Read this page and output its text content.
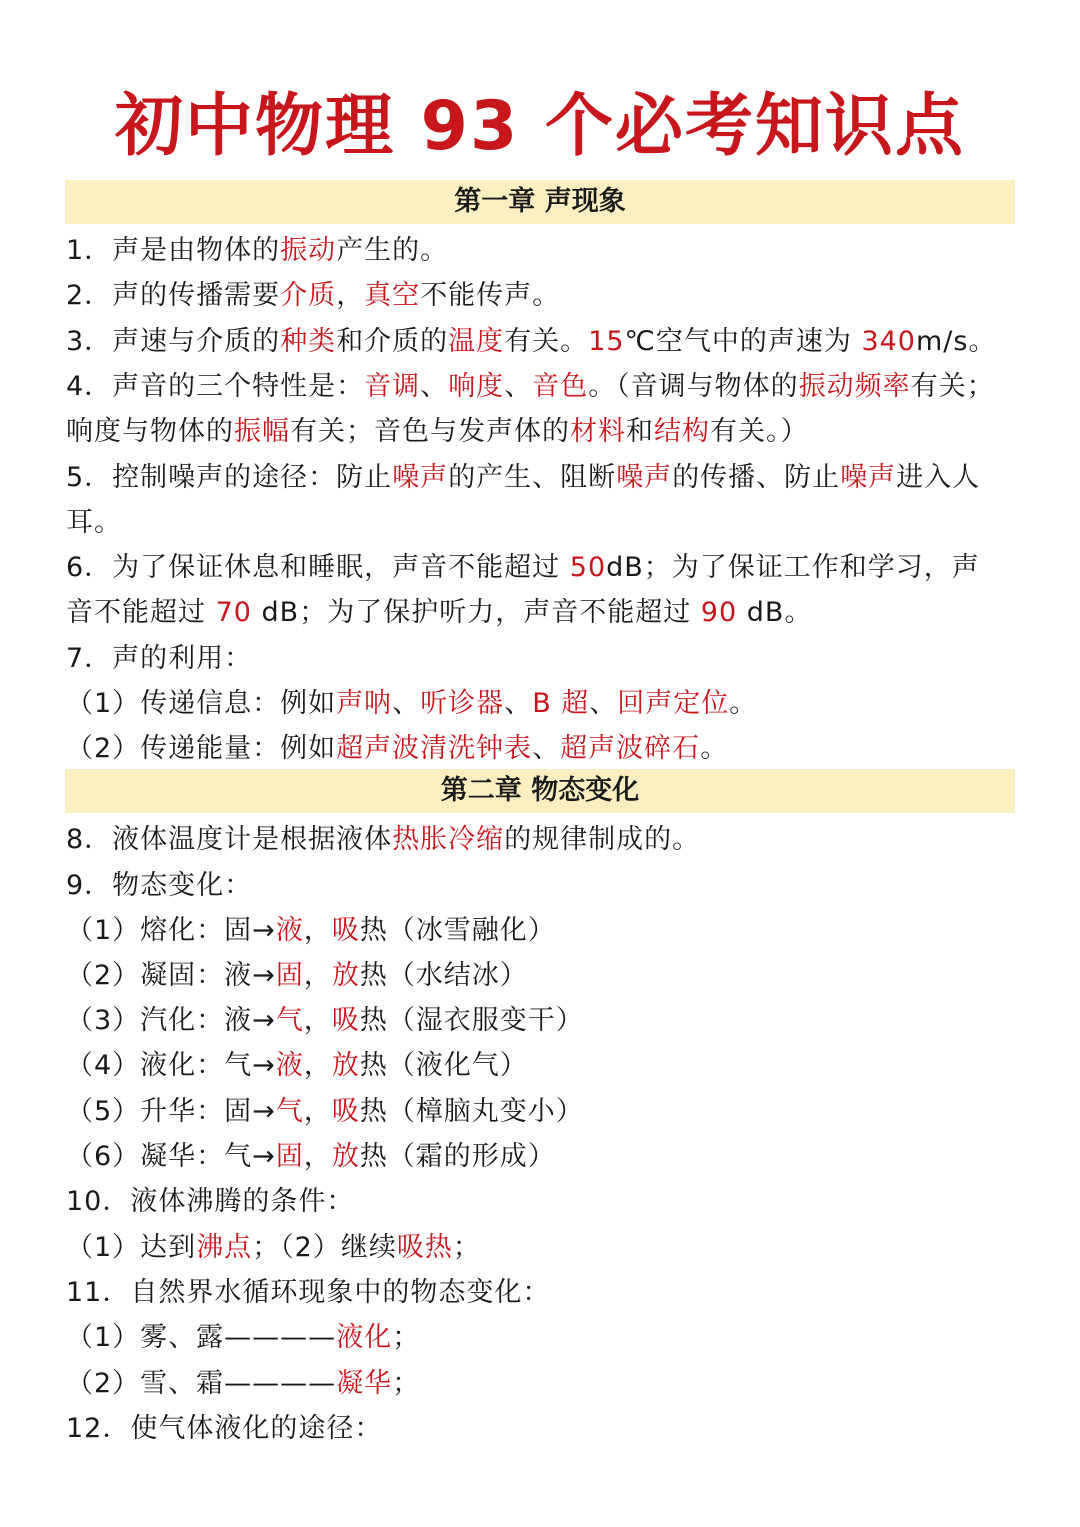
初中物理 93 个必考知识点
第一章 声现象
第二章 物态变化
1．声是由物体的振动产生的。
2．声的传播需要介质，真空不能传声。
3．声速与介质的种类和介质的温度有关。15℃空气中的声速为 340m/s。
4．声音的三个特性是：音调、响度、音色。（音调与物体的振动频率有关；
响度与物体的振幅有关；音色与发声体的材料和结构有关。）
5．控制噪声的途径：防止噪声的产生、阻断噪声的传播、防止噪声进入人
耳。
6．为了保证休息和睡眠，声音不能超过 50dB；为了保证工作和学习，声
音不能超过 70 dB；为了保护听力，声音不能超过 90 dB。
7．声的利用：
（1）传递信息：例如声呐、听诊器、B 超、回声定位。
（2）传递能量：例如超声波清洗钟表、超声波碎石。
8．液体温度计是根据液体热胀冷缩的规律制成的。
9．物态变化：
（1）熔化：固→液，吸热（冰雪融化）
（2）凝固：液→固，放热（水结冰）
（3）汽化：液→气，吸热（湿衣服变干）
（4）液化：气→液，放热（液化气）
（5）升华：固→气，吸热（樟脑丸变小）
（6）凝华：气→固，放热（霜的形成）
10．液体沸腾的条件：
（1）达到沸点；（2）继续吸热；
11．自然界水循环现象中的物态变化：
（1）雾、露————液化；
（2）雪、霜————凝华；
12．使气体液化的途径：
